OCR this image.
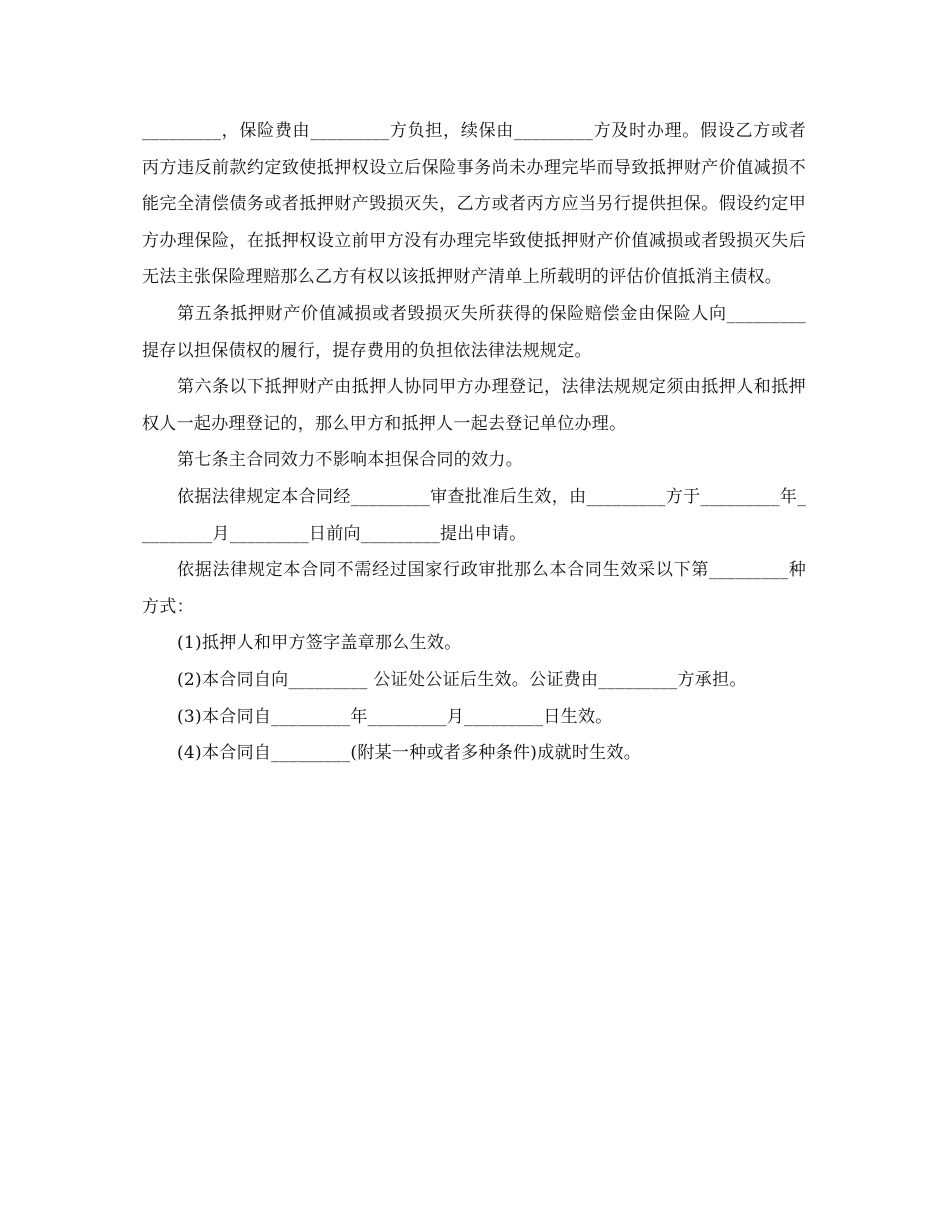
_________，保险费由_________方负担，续保由_________方及时办理。假设乙方或者丙方违反前款约定致使抵押权设立后保险事务尚未办理完毕而导致抵押财产价值减损不能完全清偿债务或者抵押财产毁损灭失，乙方或者丙方应当另行提供担保。假设约定甲方办理保险，在抵押权设立前甲方没有办理完毕致使抵押财产价值减损或者毁损灭失后无法主张保险理赔那么乙方有权以该抵押财产清单上所载明的评估价值抵消主债权。

第五条抵押财产价值减损或者毁损灭失所获得的保险赔偿金由保险人向_________提存以担保债权的履行，提存费用的负担依法律法规规定。

第六条以下抵押财产由抵押人协同甲方办理登记，法律法规规定须由抵押人和抵押权人一起办理登记的，那么甲方和抵押人一起去登记单位办理。

第七条主合同效力不影响本担保合同的效力。

依据法律规定本合同经_________审查批准后生效，由_________方于_________年_________月_________日前向_________提出申请。

依据法律规定本合同不需经过国家行政审批那么本合同生效采以下第_________种方式：

(1)抵押人和甲方签字盖章那么生效。

(2)本合同自向_________ 公证处公证后生效。公证费由_________方承担。

(3)本合同自_________年_________月_________日生效。

(4)本合同自_________(附某一种或者多种条件)成就时生效。
